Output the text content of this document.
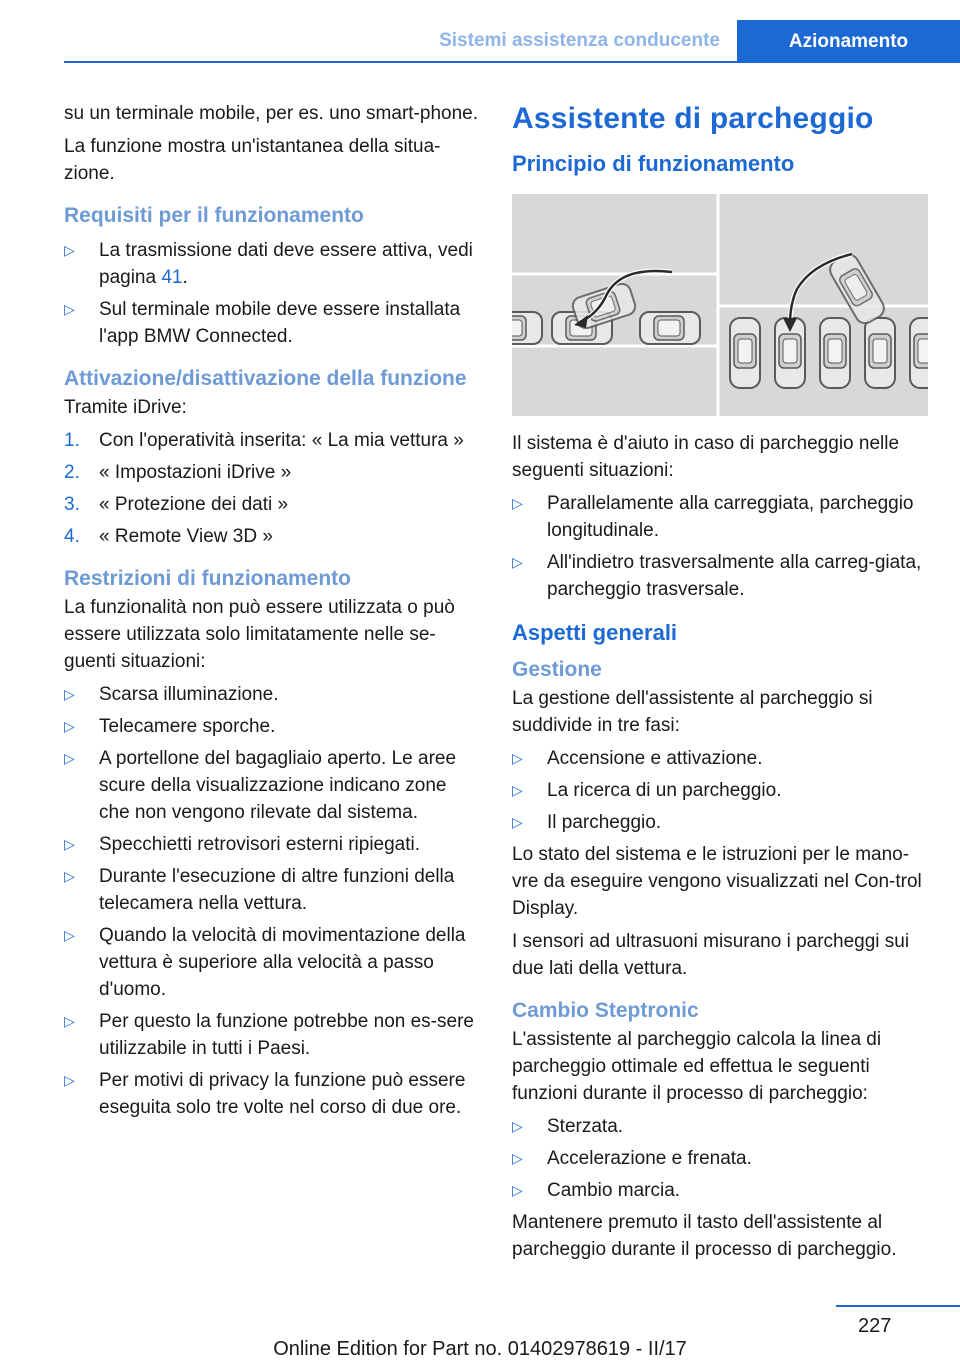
Sistemi assistenza conducente	Azionamento

su un terminale mobile, per es. uno smart-phone.

La funzione mostra un'istantanea della situa-zione.

Requisiti per il funzionamento
▷ La trasmissione dati deve essere attiva, vedi pagina 41.
▷ Sul terminale mobile deve essere installata l'app BMW Connected.
Attivazione/disattivazione della funzione

Tramite iDrive:

1. Con l'operatività inserita: « La mia vettura »
2. « Impostazioni iDrive »
3. « Protezione dei dati »
4. « Remote View 3D »
Restrizioni di funzionamento

La funzionalità non può essere utilizzata o può essere utilizzata solo limitatamente nelle se-guenti situazioni:

▷ Scarsa illuminazione.
▷ Telecamere sporche.
▷ A portellone del bagagliaio aperto. Le aree scure della visualizzazione indicano zone che non vengono rilevate dal sistema.
▷ Specchietti retrovisori esterni ripiegati.
▷ Durante l'esecuzione di altre funzioni della telecamera nella vettura.
▷ Quando la velocità di movimentazione della vettura è superiore alla velocità a passo d'uomo.
▷ Per questo la funzione potrebbe non es-sere utilizzabile in tutti i Paesi.
▷ Per motivi di privacy la funzione può essere eseguita solo tre volte nel corso di due ore.
Assistente di parcheggio
Principio di funzionamento

Il sistema è d'aiuto in caso di parcheggio nelle seguenti situazioni:

▷ Parallelamente alla carreggiata, parcheggio longitudinale.
▷ All'indietro trasversalmente alla carreg-giata, parcheggio trasversale.
Aspetti generali
Gestione

La gestione dell'assistente al parcheggio si suddivide in tre fasi:

▷ Accensione e attivazione.
▷ La ricerca di un parcheggio.
▷ Il parcheggio.

Lo stato del sistema e le istruzioni per le mano-vre da eseguire vengono visualizzati nel Con-trol Display.

I sensori ad ultrasuoni misurano i parcheggi sui due lati della vettura.

Cambio Steptronic

L'assistente al parcheggio calcola la linea di parcheggio ottimale ed effettua le seguenti funzioni durante il processo di parcheggio:

▷ Sterzata.
▷ Accelerazione e frenata.
▷ Cambio marcia.

Mantenere premuto il tasto dell'assistente al parcheggio durante il processo di parcheggio.

227
Online Edition for Part no. 01402978619 - II/17
